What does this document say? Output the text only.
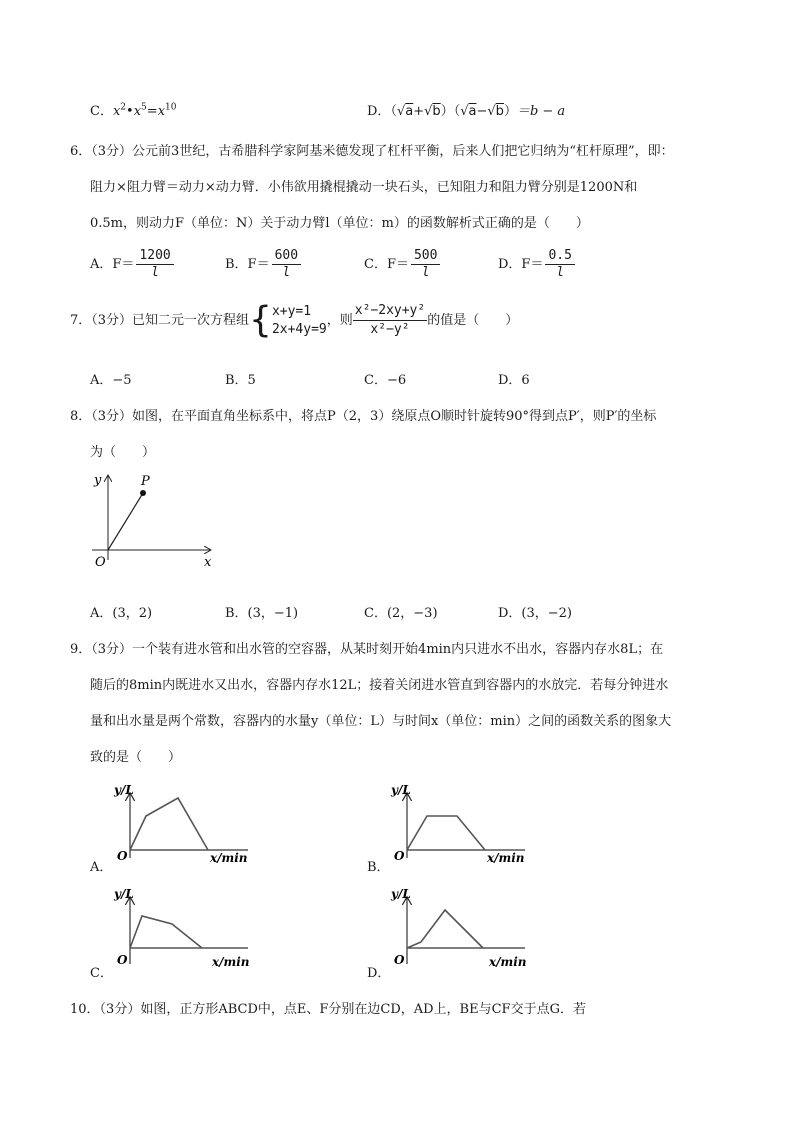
C．$x^2•x^5=x^{10}$	D．（√a+√b）（√a−√b）＝b − a
6．（3分）公元前3世纪，古希腊科学家阿基米德发现了杠杆平衡，后来人们把它归纳为“杠杆原理”，即：
阻力×阻力臂＝动力×动力臂．小伟欲用撬棍撬动一块石头，已知阻力和阻力臂分别是1200N和
0.5m，则动力F（单位：N）关于动力臂l（单位：m）的函数解析式正确的是（　　）
A．$F= \frac{1200}{l}$	B．$F= \frac{600}{l}$	C．$F= \frac{500}{l}$	D．$F= \frac{0.5}{l}$
7．（3分）已知二元一次方程组{ x+y=1
2x+4y=9
，则 $\frac{\text{x²−2xy+y²}}{\text{x²−y²}}$ 的值是（　　）
A．−5	B．5	C．−6	D．6
8．（3分）如图，在平面直角坐标系中，将点P（2，3）绕原点O顺时针旋转90°得到点P′，则P′的坐标
为（　　）
y
x
O
P
A．(3，2)	B．(3，−1)	C．(2，−3)	D．(3，−2)
9．（3分）一个装有进水管和出水管的空容器，从某时刻开始4min内只进水不出水，容器内存水8L；在
随后的8min内既进水又出水，容器内存水12L；接着关闭进水管直到容器内的水放完．若每分钟进水
量和出水量是两个常数，容器内的水量y（单位：L）与时间x（单位：min）之间的函数关系的图象大
致的是（　　）
y/L
O	x/min
A．
y/L
O	x/min
B．
y/L
O	x/min
C．
y/L
O	x/min
D．
10．（3分）如图，正方形ABCD中，点E、F分别在边CD，AD上，BE与CF交于点G．若
